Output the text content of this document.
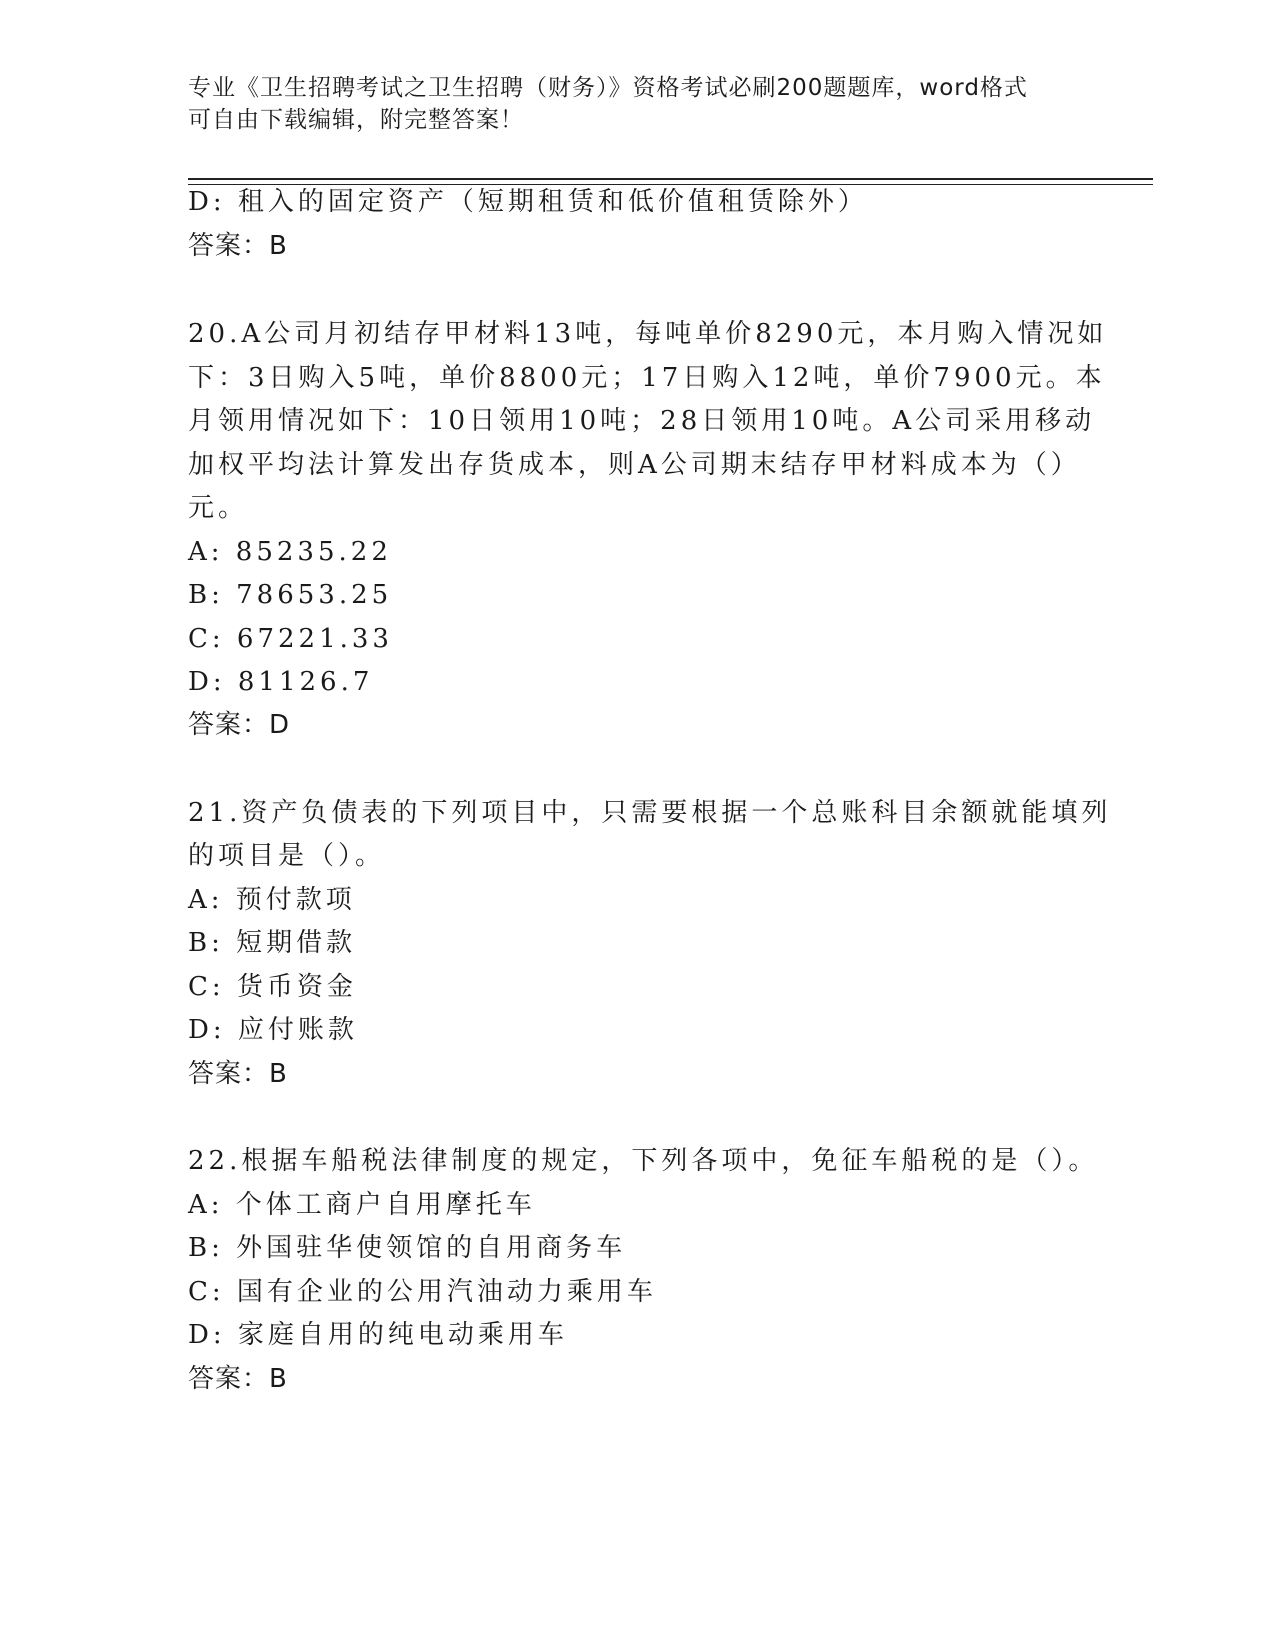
专业《卫生招聘考试之卫生招聘（财务）》资格考试必刷200题题库，word格式
可自由下载编辑，附完整答案！
D: 租入的固定资产（短期租赁和低价值租赁除外）
答案：B
20.A公司月初结存甲材料13吨，每吨单价8290元，本月购入情况如
下：3日购入5吨，单价8800元；17日购入12吨，单价7900元。本
月领用情况如下：10日领用10吨；28日领用10吨。A公司采用移动
加权平均法计算发出存货成本，则A公司期末结存甲材料成本为（）
元。
A: 85235.22
B: 78653.25
C: 67221.33
D: 81126.7
答案：D
21.资产负债表的下列项目中，只需要根据一个总账科目余额就能填列
的项目是（）。
A: 预付款项
B: 短期借款
C: 货币资金
D: 应付账款
答案：B
22.根据车船税法律制度的规定，下列各项中，免征车船税的是（）。
A: 个体工商户自用摩托车
B: 外国驻华使领馆的自用商务车
C: 国有企业的公用汽油动力乘用车
D: 家庭自用的纯电动乘用车
答案：B
